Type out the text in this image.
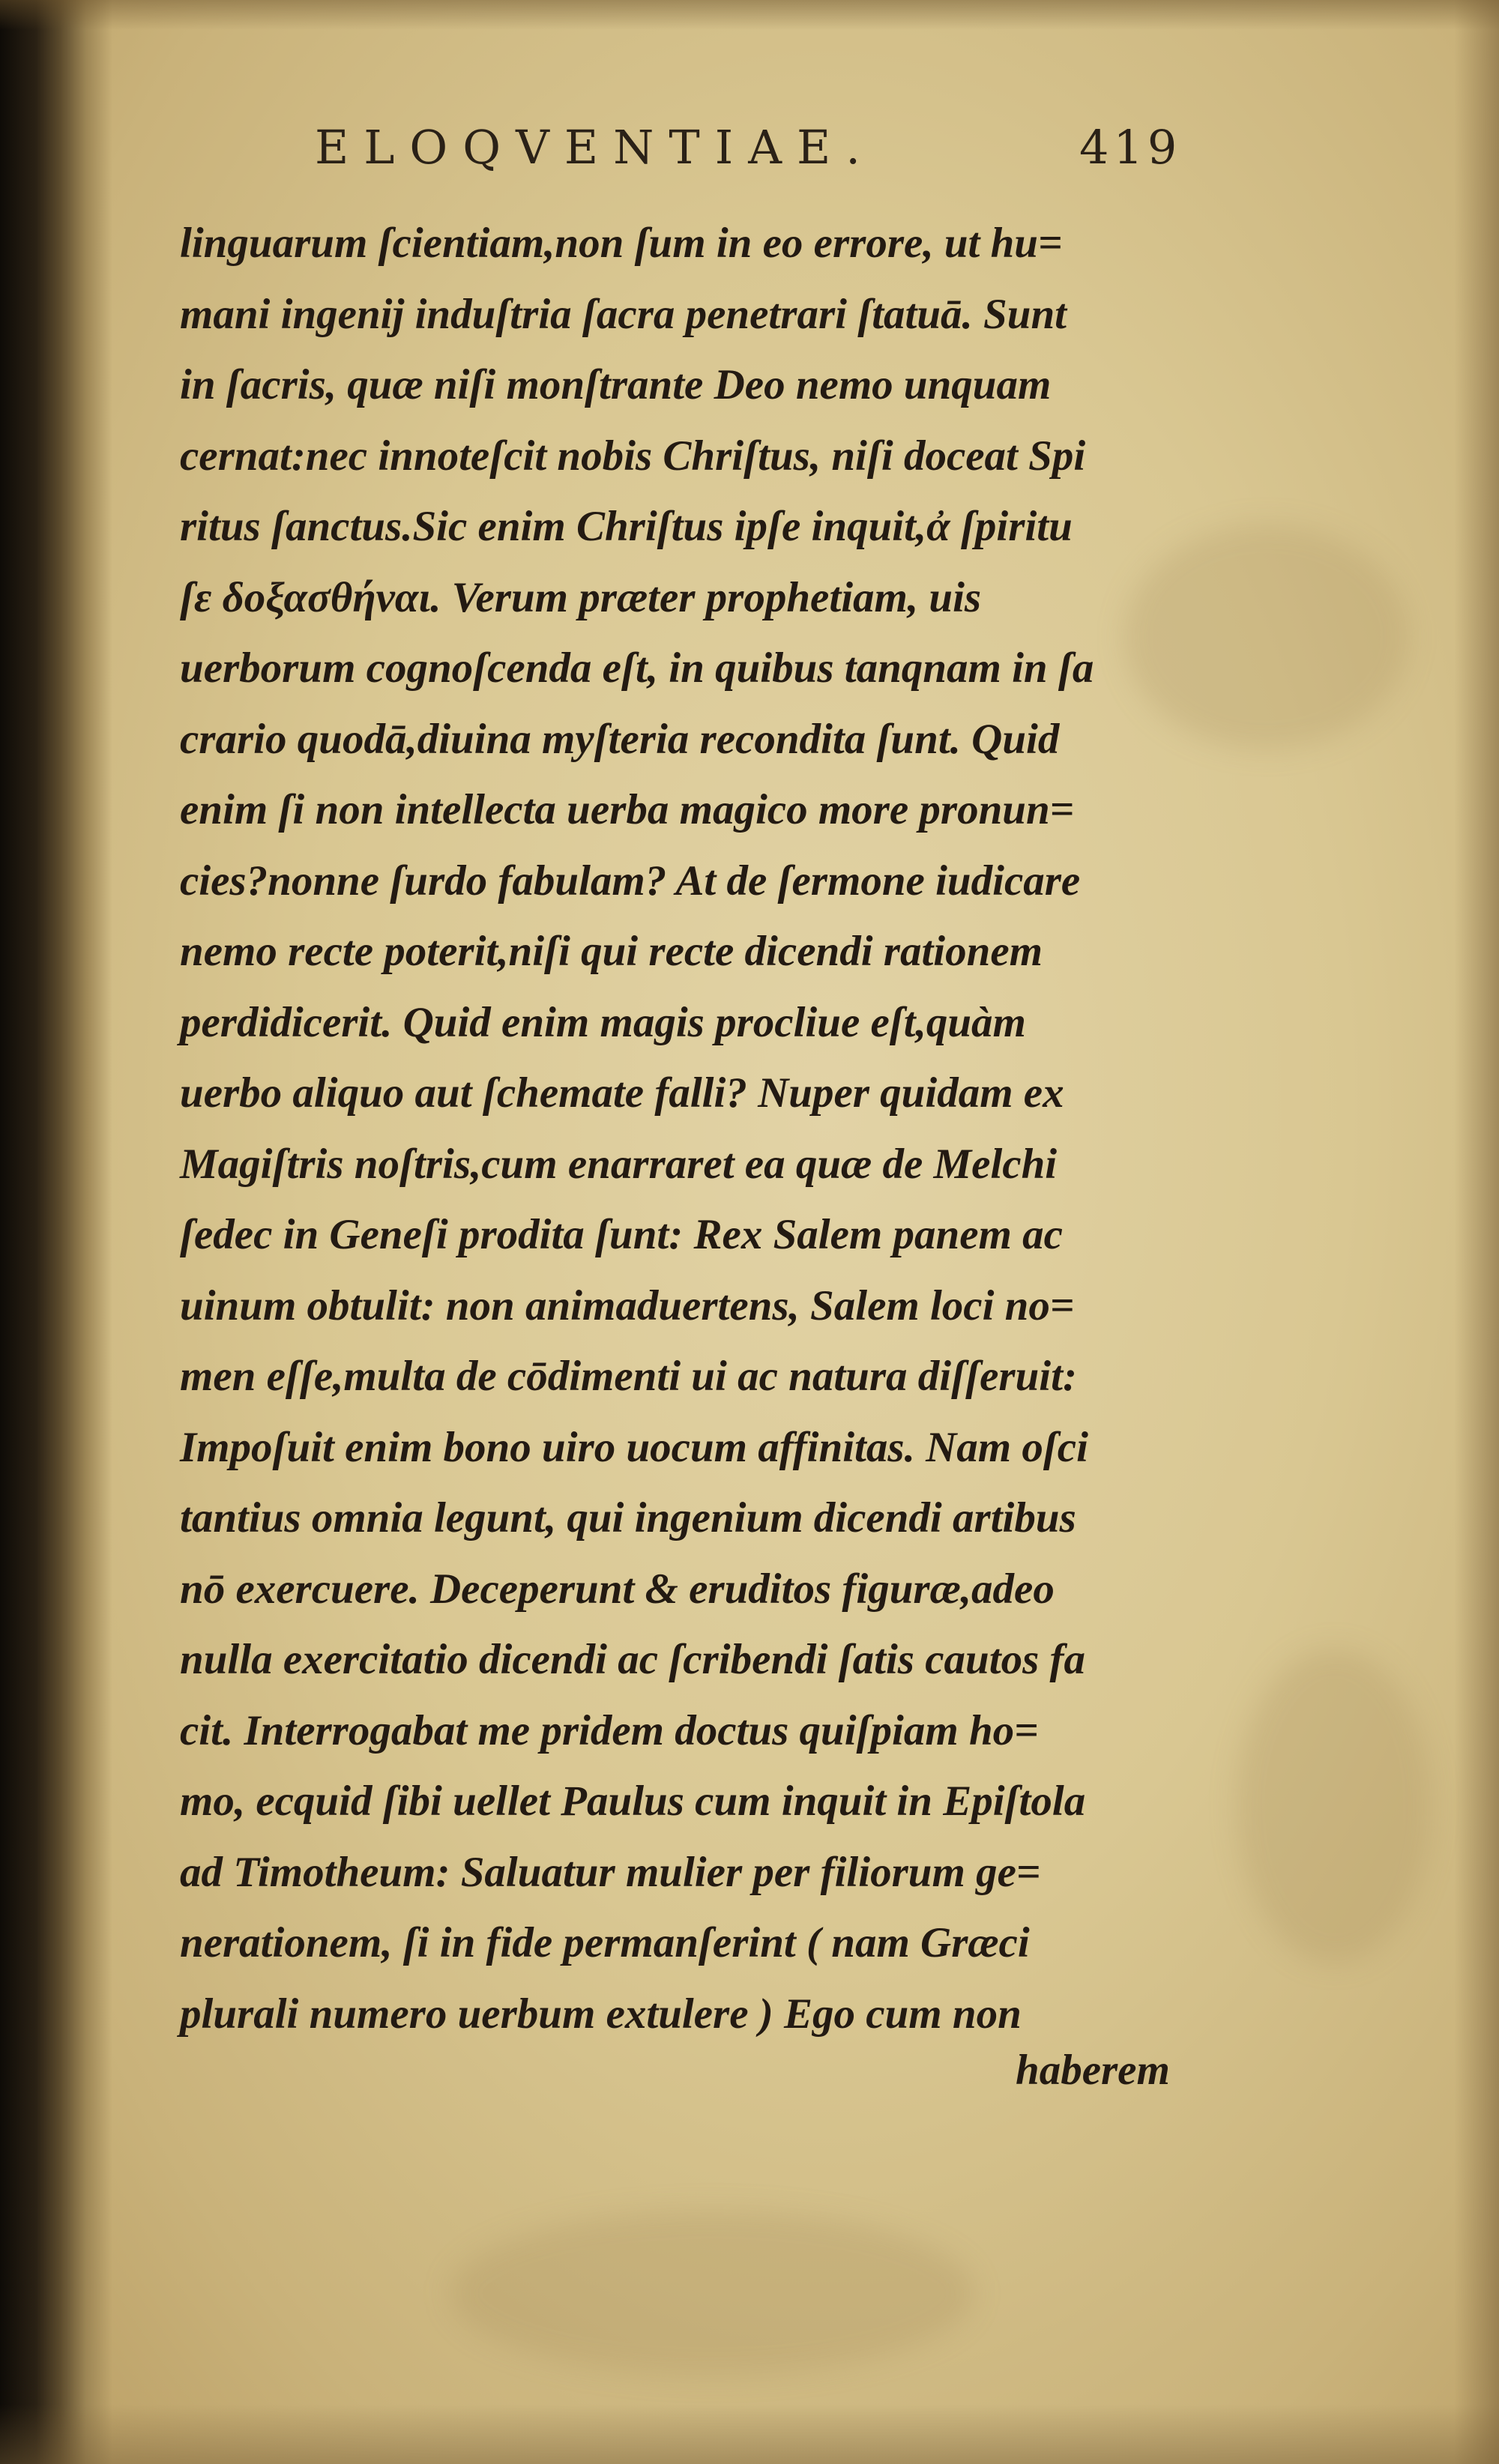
ELOQVENTIAE.	419
linguarum ſcientiam,non ſum in eo errore, ut hu=
mani ingenij induſtria ſacra penetrari ſtatuā. Sunt
in ſacris, quæ niſi monſtrante Deo nemo unquam
cernat:nec innoteſcit nobis Chriſtus, niſi doceat Spi
ritus ſanctus.Sic enim Chriſtus ipſe inquit,ἀ ſpiritu
ſε δοξασθήναι. Verum præter prophetiam, uis
uerborum cognoſcenda eſt, in quibus tanqnam in ſa
crario quodā,diuina myſteria recondita ſunt. Quid
enim ſi non intellecta uerba magico more pronun=
cies?nonne ſurdo fabulam? At de ſermone iudicare
nemo recte poterit,niſi qui recte dicendi rationem
perdidicerit. Quid enim magis procliue eſt,quàm
uerbo aliquo aut ſchemate falli? Nuper quidam ex
Magiſtris noſtris,cum enarraret ea quæ de Melchi
ſedec in Geneſi prodita ſunt: Rex Salem panem ac
uinum obtulit: non animaduertens, Salem loci no=
men eſſe,multa de cōdimenti ui ac natura diſſeruit:
Impoſuit enim bono uiro uocum affinitas. Nam oſci
tantius omnia legunt, qui ingenium dicendi artibus
nō exercuere. Deceperunt & eruditos figuræ,adeo
nulla exercitatio dicendi ac ſcribendi ſatis cautos fa
cit. Interrogabat me pridem doctus quiſpiam ho=
mo, ecquid ſibi uellet Paulus cum inquit in Epiſtola
ad Timotheum: Saluatur mulier per filiorum ge=
nerationem, ſi in fide permanſerint ( nam Græci
plurali numero uerbum extulere ) Ego cum non
haberem
